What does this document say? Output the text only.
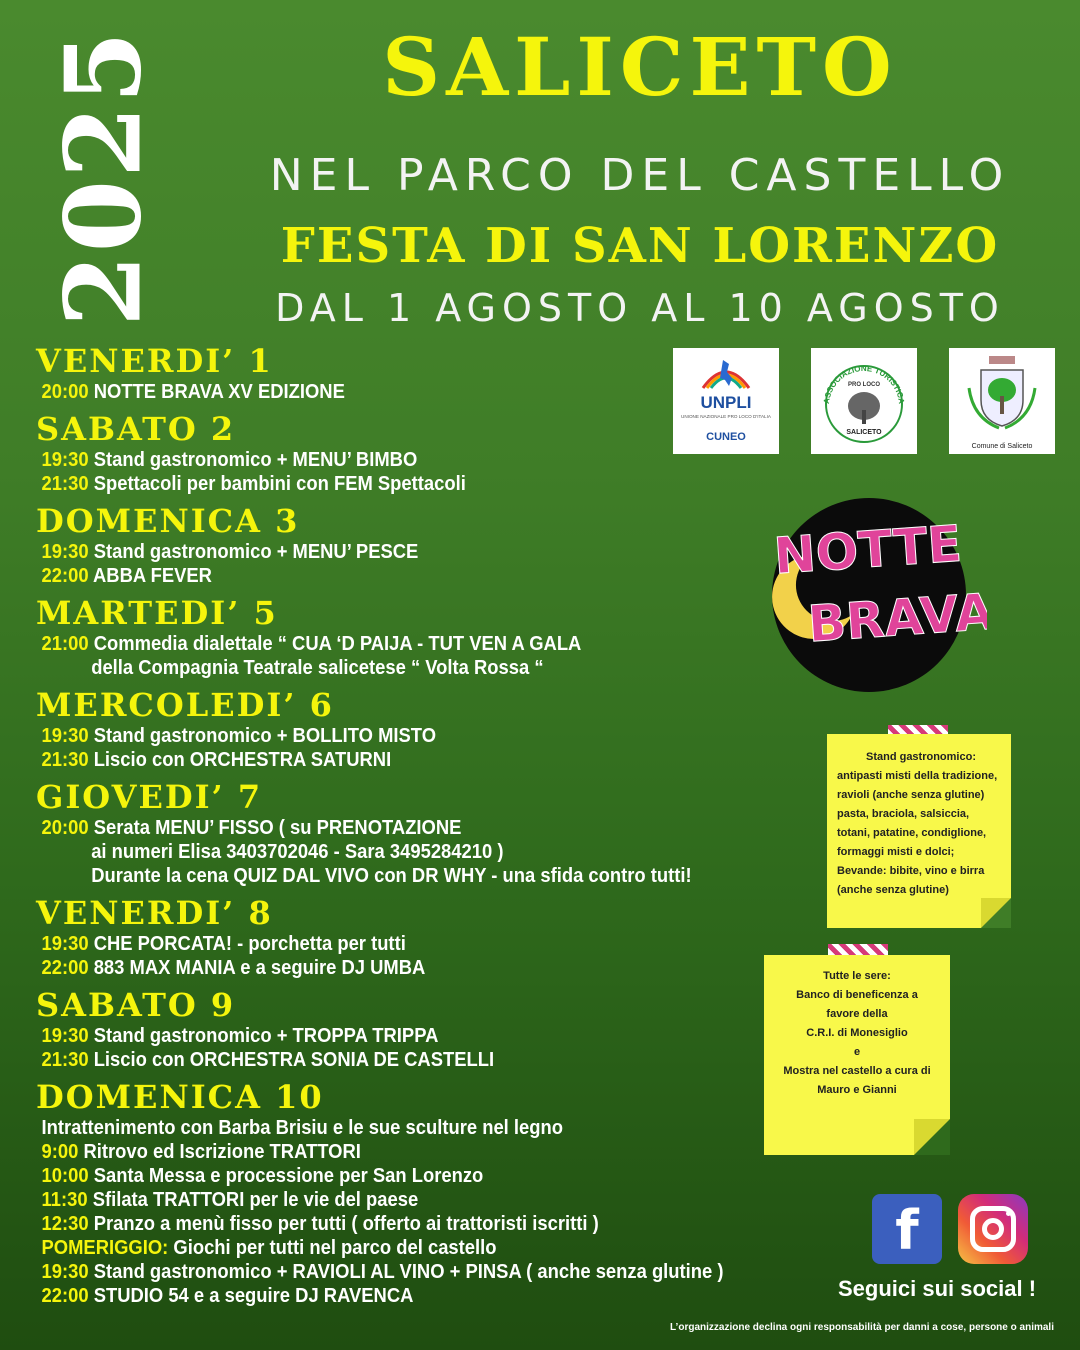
2025	SALICETO
NEL PARCO DEL CASTELLO
FESTA DI SAN LORENZO
DAL 1 AGOSTO AL 10 AGOSTO
VENERDI’ 1
20:00 NOTTE BRAVA XV EDIZIONE
SABATO 2
19:30 Stand gastronomico + MENU’ BIMBO
21:30 Spettacoli per bambini con FEM Spettacoli
DOMENICA 3
19:30 Stand gastronomico + MENU’ PESCE
22:00 ABBA FEVER
MARTEDI’ 5
21:00 Commedia dialettale “ CUA ‘D PAIJA - TUT VEN A GALA
della Compagnia Teatrale salicetese “ Volta Rossa “
MERCOLEDI’ 6
19:30 Stand gastronomico + BOLLITO MISTO
21:30 Liscio con ORCHESTRA SATURNI
GIOVEDI’ 7
20:00 Serata MENU’ FISSO ( su PRENOTAZIONE
ai numeri Elisa 3403702046 - Sara 3495284210 )
Durante la cena QUIZ DAL VIVO con DR WHY - una sfida contro tutti!
VENERDI’ 8
19:30 CHE PORCATA! - porchetta per tutti
22:00 883 MAX MANIA e a seguire DJ UMBA
SABATO 9
19:30 Stand gastronomico + TROPPA TRIPPA
21:30 Liscio con ORCHESTRA SONIA DE CASTELLI
DOMENICA 10
Intrattenimento con Barba Brisiu e le sue sculture nel legno
9:00 Ritrovo ed Iscrizione TRATTORI
10:00 Santa Messa e processione per San Lorenzo
11:30 Sfilata TRATTORI per le vie del paese
12:30 Pranzo a menù fisso per tutti ( offerto ai trattoristi iscritti )
POMERIGGIO: Giochi per tutti nel parco del castello
19:30 Stand gastronomico + RAVIOLI AL VINO + PINSA ( anche senza glutine )
22:00 STUDIO 54 e a seguire DJ RAVENCA
UNPLI
UNIONE NAZIONALE PRO LOCO D'ITALIA
CUNEO
ASSOCIAZIONE TURISTICA
PRO LOCO
SALICETO
Comune di Saliceto
NOTTE
BRAVA
Stand gastronomico:
antipasti misti della tradizione,
ravioli (anche senza glutine)
pasta, braciola, salsiccia,
totani, patatine, condiglione,
formaggi misti e dolci;
Bevande: bibite, vino e birra
(anche senza glutine)
Tutte le sere:
Banco di beneficenza a
favore della
C.R.I. di Monesiglio
e
Mostra nel castello a cura di
Mauro e Gianni
f
Seguici sui social !
L’organizzazione declina ogni responsabilità per danni a cose, persone o animali
